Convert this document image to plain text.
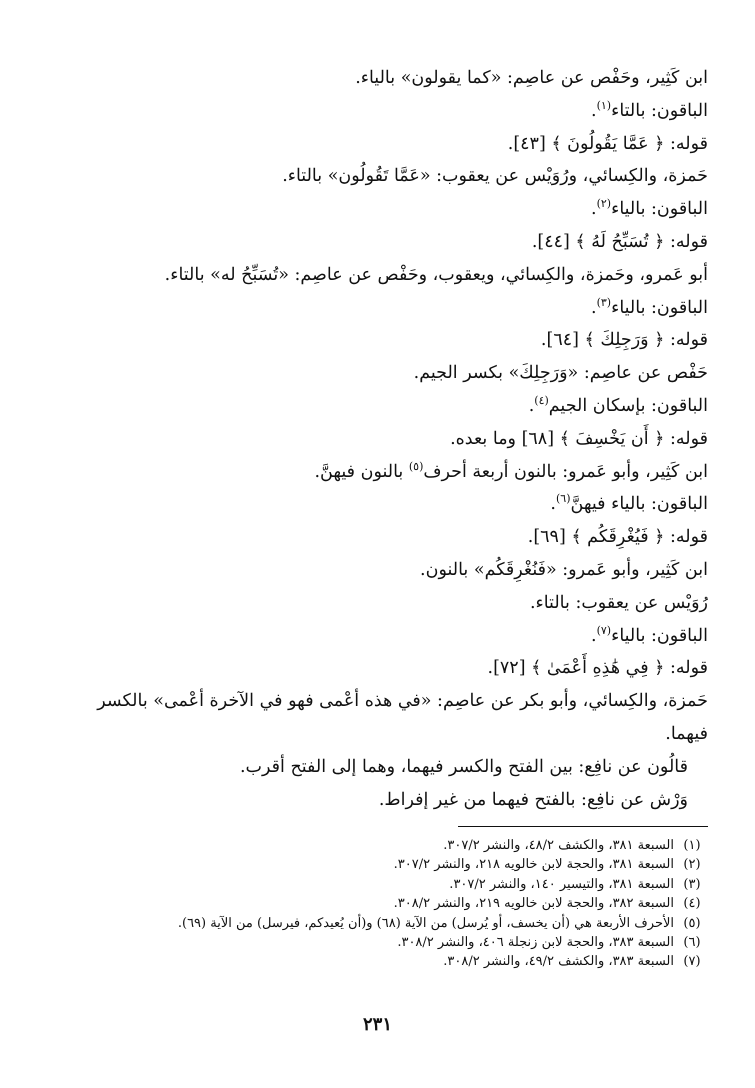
ابن كَثِير، وحَفْص عن عاصِم: «كما يقولون» بالياء.
الباقون: بالتاء$^{(١)}$.
قوله: ﴿ عَمَّا يَقُولُونَ ﴾ [٤٣].
حَمزة، والكِسائي، ورُوَيْس عن يعقوب: «عَمَّا تَقُولُون» بالتاء.
الباقون: بالياء$^{(٢)}$.
قوله: ﴿ تُسَبِّحُ لَهُ ﴾ [٤٤].
أبو عَمرو، وحَمزة، والكِسائي، ويعقوب، وحَفْص عن عاصِم: «تُسَبِّحُ له» بالتاء.
الباقون: بالياء$^{(٣)}$.
قوله: ﴿ وَرَجِلِكَ ﴾ [٦٤].
حَفْص عن عاصِم: «وَرَجِلِكَ» بكسر الجيم.
الباقون: بإسكان الجيم$^{(٤)}$.
قوله: ﴿ أَن يَخْسِفَ ﴾ [٦٨] وما بعده.
ابن كَثِير، وأبو عَمرو: بالنون أربعة أحرف$^{(٥)}$ بالنون فيهنَّ.
الباقون: بالياء فيهنَّ$^{(٦)}$.
قوله: ﴿ فَيُغْرِقَكُم ﴾ [٦٩].
ابن كَثِير، وأبو عَمرو: «فَنُغْرِقَكُم» بالنون.
رُوَيْس عن يعقوب: بالتاء.
الباقون: بالياء$^{(٧)}$.
قوله: ﴿ فِي هَٰذِهِ أَعْمَىٰ ﴾ [٧٢].
حَمزة، والكِسائي، وأبو بكر عن عاصِم: «في هذه أعْمى فهو في الآخرة أعْمى» بالكسر فيهما.
قالُون عن نافِع: بين الفتح والكسر فيهما، وهما إلى الفتح أقرب.
وَرْش عن نافِع: بالفتح فيهما من غير إفراط.
(١)
السبعة ٣٨١، والكشف ٤٨/٢، والنشر ٣٠٧/٢.
(٢)
السبعة ٣٨١، والحجة لابن خالويه ٢١٨، والنشر ٣٠٧/٢.
(٣)
السبعة ٣٨١، والتيسير ١٤٠، والنشر ٣٠٧/٢.
(٤)
السبعة ٣٨٢، والحجة لابن خالويه ٢١٩، والنشر ٣٠٨/٢.
(٥)
الأحرف الأربعة هي (أن يخسف، أو يُرسل) من الآية (٦٨) و(أن يُعيدكم، فيرسل) من الآية (٦٩).
(٦)
السبعة ٣٨٣، والحجة لابن زنجلة ٤٠٦، والنشر ٣٠٨/٢.
(٧)
السبعة ٣٨٣، والكشف ٤٩/٢، والنشر ٣٠٨/٢.
٢٣١
